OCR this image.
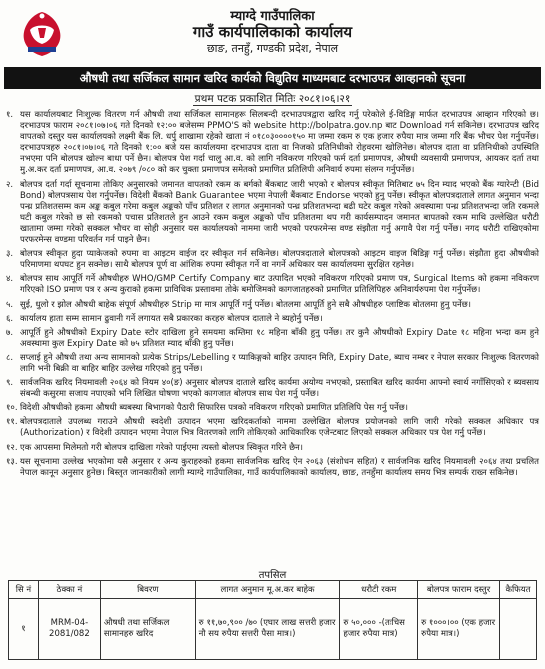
म्याग्दे गाउँपालिका
गाउँ कार्यपालिकाको कार्यालय
छाङ, तनहुँ, गण्डकी प्रदेश, नेपाल
औषधी तथा सर्जिकल सामान खरिद कार्यको विद्युतिय माध्यमबाट दरभाउपत्र आव्हानको सूचना
प्रथम पटक प्रकाशित मितिः २०८१।०६।२१
१. यस कार्यालयबाट निःशुल्क वितरण गर्न औषधी तथा सर्जिकल सामानहरू सिलबन्दी दरभाउपत्रद्वारा खरिद गर्नु परेकोले ई-विडिङ्ग मार्फत दरभाउपत्र आव्हान गरिएको छ। दरभाउपत्र फाराम २०८१।०७।०६ गते दिनको १२:०० बजेसम्म PPMO'S को website http://bolpatra.gov.np बाट Download गर्न सकिनेछ। दरभाउपत्र खरिद वापतको दस्तुर यस कार्यालयको लक्ष्मी बैंक लि. धर्पु शाखामा रहेको खाता नं ०१८०३००००१५० मा जम्मा रकम रु एक हजार रुपैया मात्र जम्मा गरि बैंक भौचर पेश गर्नुपर्नेछ। दरभाउपत्रहरु २०८१।०७।०६ गते दिनको १:०० बजे यस कार्यालयमा दरभाउपत्र दाता वा निजको प्रतिनिधीको रोहवरमा खोलिनेछ। बोलपत्र दाता वा प्रतिनिधीको उपस्थिति नभएमा पनि बोलपत्र खोल्न बाधा पर्ने छैन। बोलपत्र पेश गर्दा चालु आ.व. को लागि नविकरण गरिएको फर्म दर्ता प्रमाणपत्र, औषधी व्यवसायी प्रमाणपत्र, आयकर दर्ता तथा मु.अ.कर दर्ता प्रमाणपत्र, आ.व. २०७९ /०८० को कर चुक्ता प्रमाणपत्र समेतको प्रमाणित प्रतिलिपी अनिवार्य रुपमा संलग्न गर्नुपर्नेछ।
२. बोलपत्र दर्ता गर्दा सूचनामा तोकिए अनुसारको जमानत वापतको रकम क बर्गको बैंकबाट जारी भएको र बोलपत्र स्वीकृत मितिबाट ७५ दिन म्याद भएको बैंक ग्यारेन्टी (Bid Bond) बोलपत्रसाथ पेश गर्नुपर्नेछ। विदेशी बैंकको Bank Guarantee भएमा नेपाली बैंकबाट Endorse भएको हुनु पर्नेछ। स्वीकृत बोलपत्रदाताले लागत अनुमान भन्दा पन्ध्र प्रतिशतसम्म कम अङ्क कबुल गरेमा कबुल अङ्कको पाँच प्रतिशत र लागत अनुमानको पन्ध्र प्रतिशतभन्दा बढी घटेर कबुल गरेको अवस्थामा पन्ध्र प्रतिशतभन्दा जति रकमले घटी कबुल गरेको छ सो रकमको पचास प्रतिशतले हुन आउने रकम कबुल अङ्कको पाँच प्रतिशतमा थप गरी कार्यसम्पादन जमानत बापतको रकम माथि उल्लेखित धरौटी खातामा जम्मा गरेको सक्कल भौचर वा सोही अनुसार यस कार्यालयको नाममा जारी भएको परफरमेन्स वण्ड संझौता गर्नु अगावै पेश गर्नु पर्नेछ। नगद धरौटी राखिएकोमा परफरमेन्स वण्डमा परिवर्तन गर्न पाइने छैन।
३. बोलपत्र स्वीकृत हुदा प्याकेजको रुपमा वा आइटम वाईज दर स्वीकृत गर्न सकिनेछ। बोलपत्रदाताले बोलपत्रको आइटम वाइज बिडिङ्ग गर्नु पर्नेछ। संझौता हुदा औषधीको परिमाणमा थपघट हुन सक्नेछ। साथै बोलपत्र पूर्ण वा आंशिक रुपमा स्वीकृत गर्ने वा नगर्ने अधिकार यस कार्यालयमा सुरक्षित रहनेछ।
४. बोलपत्र साथ आपूर्ति गर्ने औषधीहरु WHO/GMP Certify Company बाट उत्पादित भएको नविकरण गरिएको प्रमाण पत्र, Surgical Items को हकमा नविकरण गरिएको ISO प्रमाण पत्र र अन्य कुराको हकमा प्राविधिक प्रस्तावमा तोके बमोजिमको कागजातहरुको प्रमाणित प्रतिलिपिहरु अनिवार्यरुपमा पेश गर्नुपर्नेछ।
५. सुई, धुलो र झोल औषधी बाहेक संपूर्ण औषधीहरु Strip मा मात्र आपूर्ति गर्नु पर्नेछ। बोतलमा आपूर्ति हुने सबै औषधीहरु प्लाष्टिक बोतलमा हुनु पर्नेछ।
६. कार्यालय हाता सम्म सामान ढुवानी गर्ने लगायत सबै प्रकारका करहरु बोलपत्र दाताले ने ब्यहोर्नु पर्नेछ।
७. आपूर्ति हुने औषधीको Expiry Date स्टोर दाखिला हुने समयमा कम्तिमा १८ महिना बाँकी हुनु पर्नेछ। तर कुनै औषधीको Expiry Date १८ महिना भन्दा कम हुने अवस्थामा कुल Expiry Date को ७५ प्रतिशत म्याद बाँकी हुनु पर्नेछ।
८. सप्लाई हुने औषधी तथा अन्य सामानको प्रत्येक Strips/Lebelling र प्याकिङ्गको बाहिर उत्पादन मिति, Expiry Date, ब्याच नम्बर र नेपाल सरकार निःशुल्क वितरणको लागि भनी बिक्री वा बाहिर बाहिर उल्लेख गरिएको हुनु पर्नेछ।
९. सार्वजनिक खरिद नियमावली २०६४ को नियम ४०(ङ) अनुसार बोलपत्र दाताले खरिद कार्यमा अयोग्य नभएको, प्रस्ताबित खरिद कार्यमा आफ्नो स्वार्थ नगाँसिएको र ब्यवसाय संबन्धी कसुरमा सजाय नपाएको भनि लिखित घोषणा भएको कागजात बोलपत्र साथ पेश गर्नु पर्नेछ।
१०. विदेशी औषधीको हकमा औषधी ब्यबस्था बिभागको पैठारी सिफारिस पत्रको नविकरण गरिएको प्रमाणित प्रतिलिपि पेस गर्नु पर्नेछ।
११. बोलपत्रदाताले उपलब्ध गराउने औषधी स्वदेशी उत्पादन भएमा खरिदकर्ताको नाममा उल्लेखित बोलपत्र प्रयोजनको लागि जारी गरेको सक्कल अधिकार पत्र (Authorization) र विदेशी उत्पादन भएमा नेपाल भित्र वितरणको लागि तोकिएको आधिकारिक एजेन्टबाट लिएको सक्कल अधिकार पत्र पेश गर्नु पर्नेछ।
१२. एक आपसमा मिलेमतो गरी बोलपत्र दाखिला गरेको पाईएमा त्यस्तो बोलपत्र स्विकृत गरिने छैन।
१३. यस सूचनामा उल्लेख भएकोमा यसै अनुसार र अन्य कुराहरुको हकमा सार्वजनिक खरिद ऐन २०६३ (संशोधन सहित) र सार्वजनिक खरिद नियमावली २०६४ तथा प्रचलित नेपाल कानून अनुसार हुनेछ। बिस्तृत जानकारीको लागी म्याग्दे गाउँपालिका, गाउँ कार्यपालिकाको कार्यालय, छाङ, तनहुँमा कार्यालय समय भित्र सम्पर्क राख्न सकिनेछ।
तपसिल
सि नं	ठेक्का नं	बिवरण	लागत अनुमान मू.अ.कर बाहेक	धरौटी रकम	बोलपत्र फाराम दस्तुर	कैफियत
१	MRM-04-2081/082	औषधी तथा सर्जिकल सामानहरु खरिद	रु ११,७०,९०० /७० (एघार लाख सत्तरी हजार नौ सय रुपैया सत्तरी पैसा मात्र।)	रु ५०,००० -(तःचिस हजार रुपैया मात्र)	रु १०००।०० (एक हजार रुपैया मात्र।)	
